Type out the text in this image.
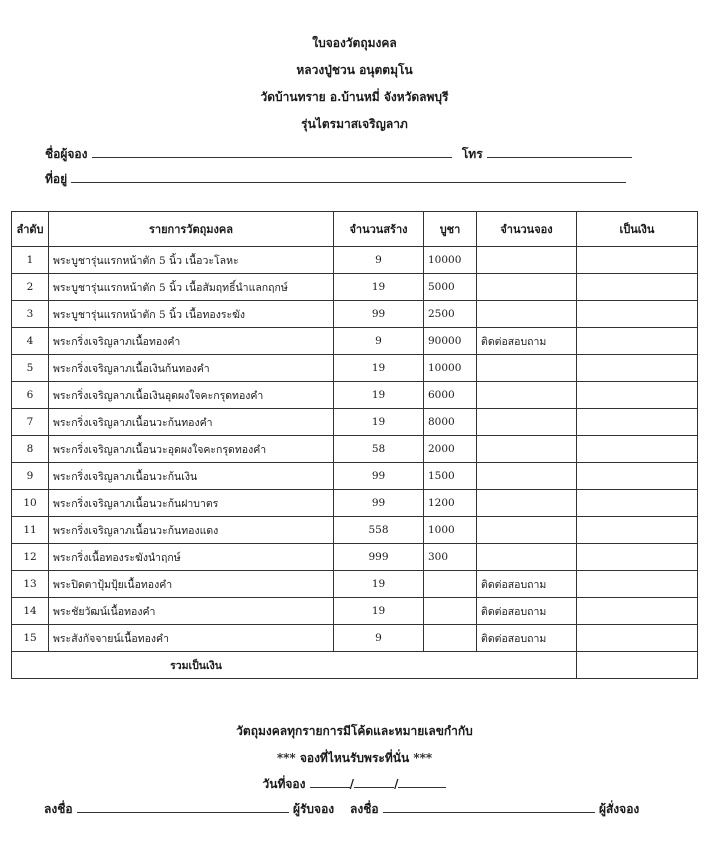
ใบจองวัตถุมงคล
หลวงปู่ชวน อนุตตมุโน
วัดบ้านทราย อ.บ้านหมี่ จังหวัดลพบุรี
รุ่นไตรมาสเจริญลาภ
ชื่อผู้จอง	โทร
ที่อยู่
ลำดับ	รายการวัตถุมงคล	จำนวนสร้าง	บูชา	จำนวนจอง	เป็นเงิน
1	พระบูชารุ่นแรกหน้าตัก 5 นิ้ว เนื้อวะโลหะ	9	10000		
2	พระบูชารุ่นแรกหน้าตัก 5 นิ้ว เนื้อสัมฤทธิ์นำแลกฤกษ์	19	5000		
3	พระบูชารุ่นแรกหน้าตัก 5 นิ้ว เนื้อทองระฆัง	99	2500		
4	พระกริ่งเจริญลาภเนื้อทองคำ	9	90000	ติดต่อสอบถาม	
5	พระกริ่งเจริญลาภเนื้อเงินก้นทองคำ	19	10000		
6	พระกริ่งเจริญลาภเนื้อเงินอุดผงใจคะกรุดทองคำ	19	6000		
7	พระกริ่งเจริญลาภเนื้อนวะก้นทองคำ	19	8000		
8	พระกริ่งเจริญลาภเนื้อนวะอุดผงใจคะกรุดทองคำ	58	2000		
9	พระกริ่งเจริญลาภเนื้อนวะก้นเงิน	99	1500		
10	พระกริ่งเจริญลาภเนื้อนวะก้นฝาบาตร	99	1200		
11	พระกริ่งเจริญลาภเนื้อนวะก้นทองแดง	558	1000		
12	พระกริ่งเนื้อทองระฆังนำฤกษ์	999	300		
13	พระปิดตาปุ้มปุ้ยเนื้อทองคำ	19		ติดต่อสอบถาม	
14	พระชัยวัฒน์เนื้อทองคำ	19		ติดต่อสอบถาม	
15	พระสังกัจจายน์เนื้อทองคำ	9		ติดต่อสอบถาม	
รวมเป็นเงิน					
วัตถุมงคลทุกรายการมีโค้ดและหมายเลขกำกับ
*** จองที่ไหนรับพระที่นั่น ***
วันที่จอง	/	/
ลงชื่อ	ผู้รับจอง ลงชื่อ	ผู้สั่งจอง
